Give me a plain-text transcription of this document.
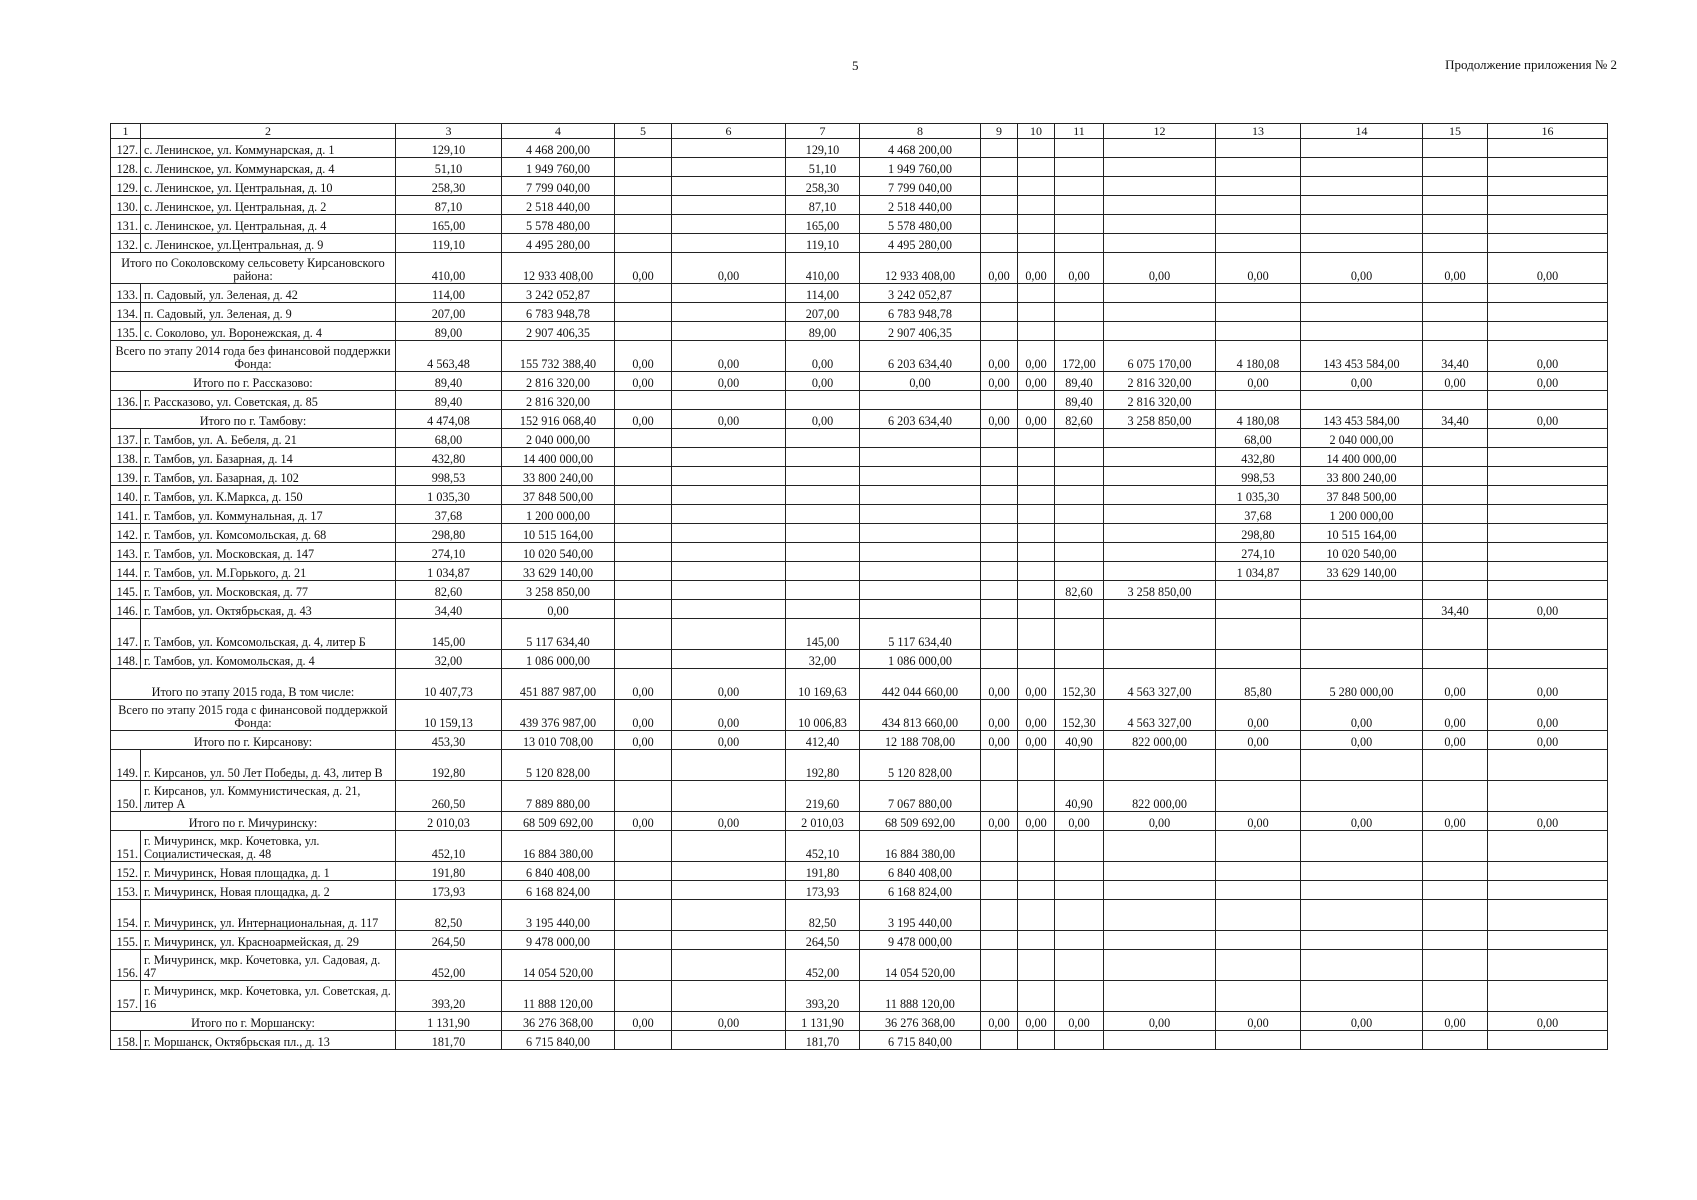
5	Продолжение приложения № 2
1	2	3	4	5	6	7	8	9	10	11	12	13	14	15	16
127.	с. Ленинское, ул. Коммунарская, д. 1	129,10	4 468 200,00			129,10	4 468 200,00								
128.	с. Ленинское, ул. Коммунарская, д. 4	51,10	1 949 760,00			51,10	1 949 760,00								
129.	с. Ленинское, ул. Центральная, д. 10	258,30	7 799 040,00			258,30	7 799 040,00								
130.	с. Ленинское, ул. Центральная, д. 2	87,10	2 518 440,00			87,10	2 518 440,00								
131.	с. Ленинское, ул. Центральная, д. 4	165,00	5 578 480,00			165,00	5 578 480,00								
132.	с. Ленинское, ул.Центральная, д. 9	119,10	4 495 280,00			119,10	4 495 280,00								
Итого по Соколовскому сельсовету Кирсановского района:		410,00	12 933 408,00	0,00	0,00	410,00	12 933 408,00	0,00	0,00	0,00	0,00	0,00	0,00	0,00	0,00
133.	п. Садовый, ул. Зеленая, д. 42	114,00	3 242 052,87			114,00	3 242 052,87								
134.	п. Садовый, ул. Зеленая, д. 9	207,00	6 783 948,78			207,00	6 783 948,78								
135.	с. Соколово, ул. Воронежская, д. 4	89,00	2 907 406,35			89,00	2 907 406,35								
Всего по этапу 2014 года без финансовой поддержки Фонда:		4 563,48	155 732 388,40	0,00	0,00	0,00	6 203 634,40	0,00	0,00	172,00	6 075 170,00	4 180,08	143 453 584,00	34,40	0,00
Итого по г. Рассказово:		89,40	2 816 320,00	0,00	0,00	0,00	0,00	0,00	0,00	89,40	2 816 320,00	0,00	0,00	0,00	0,00
136.	г. Рассказово, ул. Советская, д. 85	89,40	2 816 320,00							89,40	2 816 320,00				
Итого по г. Тамбову:		4 474,08	152 916 068,40	0,00	0,00	0,00	6 203 634,40	0,00	0,00	82,60	3 258 850,00	4 180,08	143 453 584,00	34,40	0,00
137.	г. Тамбов, ул. А. Бебеля, д. 21	68,00	2 040 000,00									68,00	2 040 000,00		
138.	г. Тамбов, ул. Базарная, д. 14	432,80	14 400 000,00									432,80	14 400 000,00		
139.	г. Тамбов, ул. Базарная, д. 102	998,53	33 800 240,00									998,53	33 800 240,00		
140.	г. Тамбов, ул. К.Маркса, д. 150	1 035,30	37 848 500,00									1 035,30	37 848 500,00		
141.	г. Тамбов, ул. Коммунальная, д. 17	37,68	1 200 000,00									37,68	1 200 000,00		
142.	г. Тамбов, ул. Комсомольская, д. 68	298,80	10 515 164,00									298,80	10 515 164,00		
143.	г. Тамбов, ул. Московская, д. 147	274,10	10 020 540,00									274,10	10 020 540,00		
144.	г. Тамбов, ул. М.Горького, д. 21	1 034,87	33 629 140,00									1 034,87	33 629 140,00		
145.	г. Тамбов, ул. Московская, д. 77	82,60	3 258 850,00							82,60	3 258 850,00				
146.	г. Тамбов, ул. Октябрьская, д. 43	34,40	0,00											34,40	0,00
147.	г. Тамбов, ул. Комсомольская, д. 4, литер Б	145,00	5 117 634,40			145,00	5 117 634,40								
148.	г. Тамбов, ул. Комомольская, д. 4	32,00	1 086 000,00			32,00	1 086 000,00								
Итого по этапу 2015 года, В том числе:		10 407,73	451 887 987,00	0,00	0,00	10 169,63	442 044 660,00	0,00	0,00	152,30	4 563 327,00	85,80	5 280 000,00	0,00	0,00
Всего по этапу 2015 года с финансовой поддержкой Фонда:		10 159,13	439 376 987,00	0,00	0,00	10 006,83	434 813 660,00	0,00	0,00	152,30	4 563 327,00	0,00	0,00	0,00	0,00
Итого по г. Кирсанову:		453,30	13 010 708,00	0,00	0,00	412,40	12 188 708,00	0,00	0,00	40,90	822 000,00	0,00	0,00	0,00	0,00
149.	г. Кирсанов, ул. 50 Лет Победы, д. 43, литер В	192,80	5 120 828,00			192,80	5 120 828,00								
150.	г. Кирсанов, ул. Коммунистическая, д. 21, литер А	260,50	7 889 880,00			219,60	7 067 880,00			40,90	822 000,00				
Итого по г. Мичуринску:		2 010,03	68 509 692,00	0,00	0,00	2 010,03	68 509 692,00	0,00	0,00	0,00	0,00	0,00	0,00	0,00	0,00
151.	г. Мичуринск, мкр. Кочетовка, ул. Социалистическая, д. 48	452,10	16 884 380,00			452,10	16 884 380,00								
152.	г. Мичуринск, Новая площадка, д. 1	191,80	6 840 408,00			191,80	6 840 408,00								
153.	г. Мичуринск, Новая площадка, д. 2	173,93	6 168 824,00			173,93	6 168 824,00								
154.	г. Мичуринск, ул. Интернациональная, д. 117	82,50	3 195 440,00			82,50	3 195 440,00								
155.	г. Мичуринск, ул. Красноармейская, д. 29	264,50	9 478 000,00			264,50	9 478 000,00								
156.	г. Мичуринск, мкр. Кочетовка, ул. Садовая, д. 47	452,00	14 054 520,00			452,00	14 054 520,00								
157.	г. Мичуринск, мкр. Кочетовка, ул. Советская, д. 16	393,20	11 888 120,00			393,20	11 888 120,00								
Итого по г. Моршанску:		1 131,90	36 276 368,00	0,00	0,00	1 131,90	36 276 368,00	0,00	0,00	0,00	0,00	0,00	0,00	0,00	0,00
158.	г. Моршанск, Октябрьская пл., д. 13	181,70	6 715 840,00			181,70	6 715 840,00								
